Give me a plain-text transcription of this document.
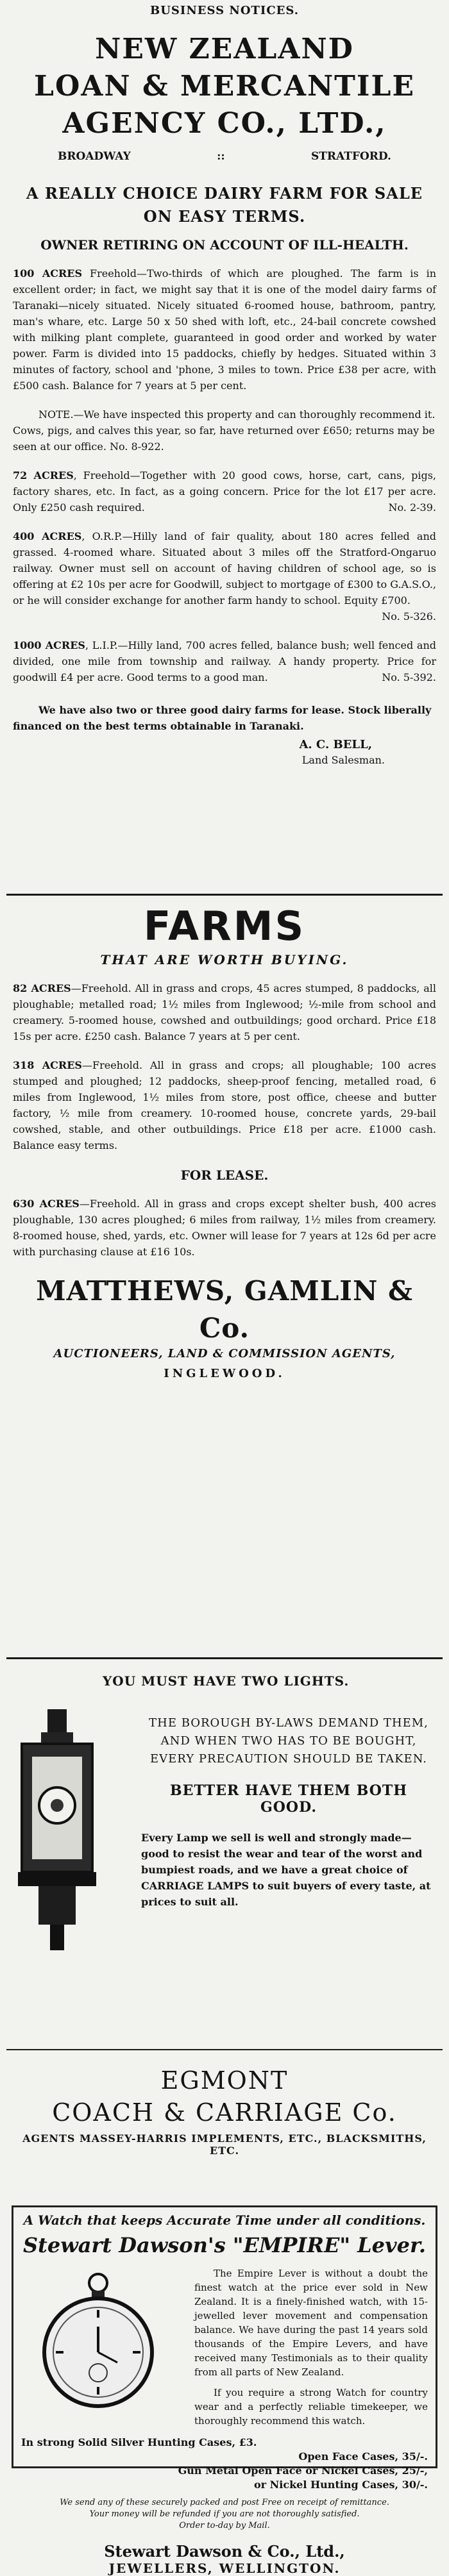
BUSINESS NOTICES.
NEW ZEALAND
LOAN & MERCANTILE
AGENCY CO., LTD.,
BROADWAY	::	STRATFORD.
A REALLY CHOICE DAIRY FARM FOR SALE ON EASY TERMS.
OWNER RETIRING ON ACCOUNT OF ILL-HEALTH.
100 ACRES Freehold—Two-thirds of which are ploughed. The farm is in excellent order; in fact, we might say that it is one of the model dairy farms of Taranaki—nicely situated. Nicely situated 6-roomed house, bathroom, pantry, man's whare, etc. Large 50 x 50 shed with loft, etc., 24-bail concrete cowshed with milking plant complete, guaranteed in good order and worked by water power. Farm is divided into 15 paddocks, chiefly by hedges. Situated within 3 minutes of factory, school and 'phone, 3 miles to town. Price £38 per acre, with £500 cash. Balance for 7 years at 5 per cent.
NOTE.—We have inspected this property and can thoroughly recommend it. Cows, pigs, and calves this year, so far, have returned over £650; returns may be seen at our office. No. 8-922.
72 ACRES, Freehold—Together with 20 good cows, horse, cart, cans, pigs, factory shares, etc. In fact, as a going concern. Price for the lot £17 per acre. Only £250 cash required.	No. 2-39.
400 ACRES, O.R.P.—Hilly land of fair quality, about 180 acres felled and grassed. 4-roomed whare. Situated about 3 miles off the Stratford-Ongaruo railway. Owner must sell on account of having children of school age, so is offering at £2 10s per acre for Goodwill, subject to mortgage of £300 to G.A.S.O., or he will consider exchange for another farm handy to school. Equity £700.
No. 5-326.
1000 ACRES, L.I.P.—Hilly land, 700 acres felled, balance bush; well fenced and divided, one mile from township and railway. A handy property. Price for goodwill £4 per acre. Good terms to a good man.	No. 5-392.
We have also two or three good dairy farms for lease. Stock liberally financed on the best terms obtainable in Taranaki.
A. C. BELL,
Land Salesman.
FARMS
THAT ARE WORTH BUYING.
82 ACRES—Freehold. All in grass and crops, 45 acres stumped, 8 paddocks, all ploughable; metalled road; 1½ miles from Inglewood; ½-mile from school and creamery. 5-roomed house, cowshed and outbuildings; good orchard. Price £18 15s per acre. £250 cash. Balance 7 years at 5 per cent.
318 ACRES—Freehold. All in grass and crops; all ploughable; 100 acres stumped and ploughed; 12 paddocks, sheep-proof fencing, metalled road, 6 miles from Inglewood, 1½ miles from store, post office, cheese and butter factory, ½ mile from creamery. 10-roomed house, concrete yards, 29-bail cowshed, stable, and other outbuildings. Price £18 per acre. £1000 cash. Balance easy terms.
FOR LEASE.
630 ACRES—Freehold. All in grass and crops except shelter bush, 400 acres ploughable, 130 acres ploughed; 6 miles from railway, 1½ miles from creamery. 8-roomed house, shed, yards, etc. Owner will lease for 7 years at 12s 6d per acre with purchasing clause at £16 10s.
MATTHEWS, GAMLIN & Co.
AUCTIONEERS, LAND & COMMISSION AGENTS,
INGLEWOOD.
YOU MUST HAVE TWO LIGHTS.
THE BOROUGH BY-LAWS DEMAND THEM, AND WHEN TWO HAS TO BE BOUGHT, EVERY PRECAUTION SHOULD BE TAKEN.
BETTER HAVE THEM BOTH GOOD.
Every Lamp we sell is well and strongly made—good to resist the wear and tear of the worst and bumpiest roads, and we have a great choice of CARRIAGE LAMPS to suit buyers of every taste, at prices to suit all.
EGMONT
COACH & CARRIAGE Co.
AGENTS MASSEY-HARRIS IMPLEMENTS, ETC., BLACKSMITHS, ETC.
A Watch that keeps Accurate Time under all conditions.
Stewart Dawson's "EMPIRE" Lever.

The Empire Lever is without a doubt the finest watch at the price ever sold in New Zealand. It is a finely-finished watch, with 15-jewelled lever movement and compensation balance. We have during the past 14 years sold thousands of the Empire Levers, and have received many Testimonials as to their quality from all parts of New Zealand.

If you require a strong Watch for country wear and a perfectly reliable timekeeper, we thoroughly recommend this watch.

In strong Solid Silver Hunting Cases, £3.
Open Face Cases, 35/-.
Gun Metal Open Face or Nickel Cases, 25/-,
or Nickel Hunting Cases, 30/-.
We send any of these securely packed and post Free on receipt of remittance.
Your money will be refunded if you are not thoroughly satisfied.
Order to-day by Mail.
Stewart Dawson & Co., Ltd.,
JEWELLERS, WELLINGTON.
